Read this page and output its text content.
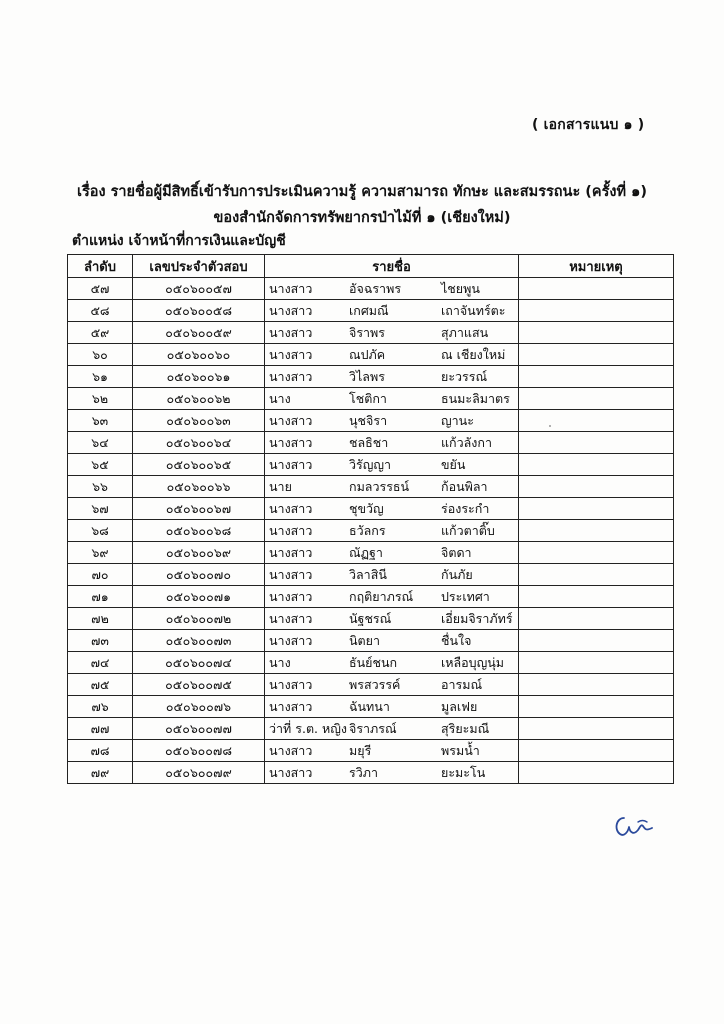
( เอกสารแนบ ๑ )
เรื่อง รายชื่อผู้มีสิทธิ์เข้ารับการประเมินความรู้ ความสามารถ ทักษะ และสมรรถนะ (ครั้งที่ ๑)
ของสำนักจัดการทรัพยากรป่าไม้ที่ ๑ (เชียงใหม่)
ตำแหน่ง เจ้าหน้าที่การเงินและบัญชี
ลำดับ	เลขประจำตัวสอบ	รายชื่อ	หมายเหตุ
๕๗	๐๕๐๖๐๐๕๗	นางสาว อัจฉราพร ไชยพูน	

๕๘	๐๕๐๖๐๐๕๘	นางสาว เกศมณี เถาจันทร์ตะ	

๕๙	๐๕๐๖๐๐๕๙	นางสาว จิราพร สุภาแสน	

๖๐	๐๕๐๖๐๐๖๐	นางสาว ณปภัค ณ เชียงใหม่	

๖๑	๐๕๐๖๐๐๖๑	นางสาว วิไลพร ยะวรรณ์	

๖๒	๐๕๐๖๐๐๖๒	นาง โชติกา ธนมะลิมาตร	

๖๓	๐๕๐๖๐๐๖๓	นางสาว นุชจิรา ญานะ	

๖๔	๐๕๐๖๐๐๖๔	นางสาว ชลธิชา แก้วลังกา	

๖๕	๐๕๐๖๐๐๖๕	นางสาว วิรัญญา ขยัน	

๖๖	๐๕๐๖๐๐๖๖	นาย กมลวรรธน์ ก้อนพิลา	

๖๗	๐๕๐๖๐๐๖๗	นางสาว ชุขวัญ ร่องระกำ	

๖๘	๐๕๐๖๐๐๖๘	นางสาว ธวัลกร แก้วตาติ๊บ	

๖๙	๐๕๐๖๐๐๖๙	นางสาว ณัฏฐา จิตดา	

๗๐	๐๕๐๖๐๐๗๐	นางสาว วิลาสินี กันภัย	

๗๑	๐๕๐๖๐๐๗๑	นางสาว กฤติยาภรณ์ ประเทศา	

๗๒	๐๕๐๖๐๐๗๒	นางสาว นัฐชรณ์ เอี่ยมจิราภัทร์	

๗๓	๐๕๐๖๐๐๗๓	นางสาว นิตยา ชื่นใจ	

๗๔	๐๕๐๖๐๐๗๔	นาง ธันย์ชนก เหลือบุญนุ่ม	

๗๕	๐๕๐๖๐๐๗๕	นางสาว พรสวรรค์ อารมณ์	

๗๖	๐๕๐๖๐๐๗๖	นางสาว ฉันทนา มูลเฟย	

๗๗	๐๕๐๖๐๐๗๗	ว่าที่ ร.ต. หญิง จิราภรณ์ สุริยะมณี	

๗๘	๐๕๐๖๐๐๗๘	นางสาว มยุรี พรมน้ำ	

๗๙	๐๕๐๖๐๐๗๙	นางสาว รวิภา ยะมะโน	
